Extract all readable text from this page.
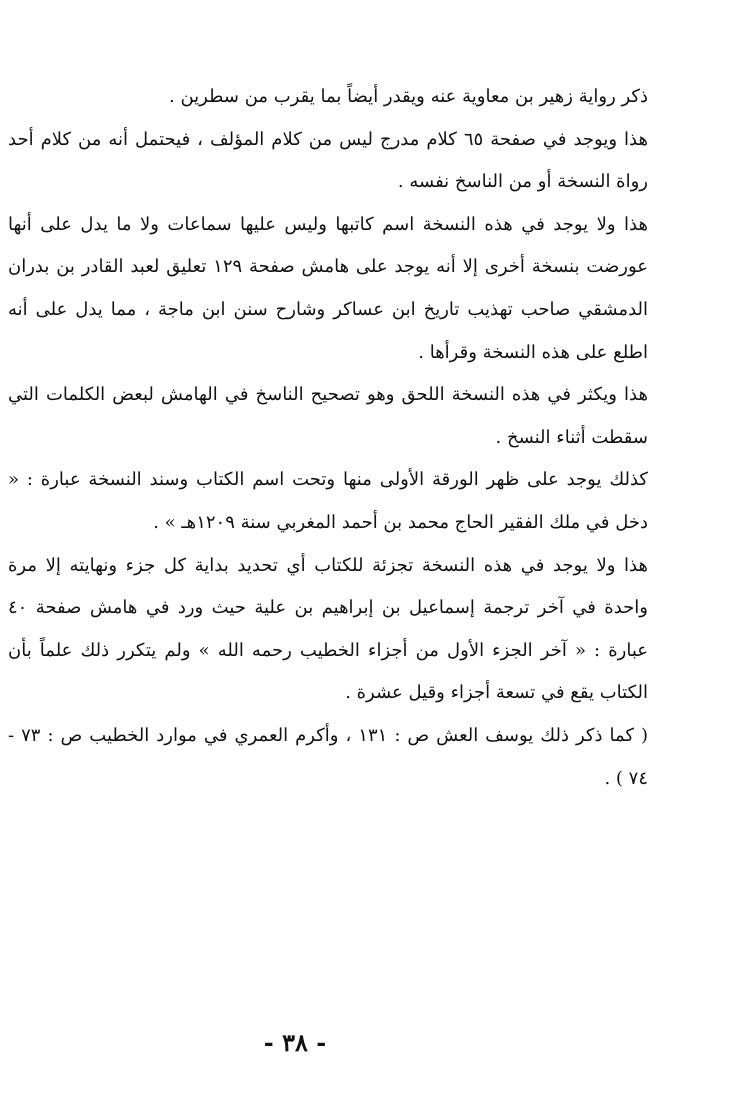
ذكر رواية زهير بن معاوية عنه ويقدر أيضاً بما يقرب من سطرين .

هذا ويوجد في صفحة ٦٥ كلام مدرج ليس من كلام المؤلف ، فيحتمل أنه من كلام أحد رواة النسخة أو من الناسخ نفسه .

هذا ولا يوجد في هذه النسخة اسم كاتبها وليس عليها سماعات ولا ما يدل على أنها عورضت بنسخة أخرى إلا أنه يوجد على هامش صفحة ١٢٩ تعليق لعبد القادر بن بدران الدمشقي صاحب تهذيب تاريخ ابن عساكر وشارح سنن ابن ماجة ، مما يدل على أنه اطلع على هذه النسخة وقرأها .

هذا ويكثر في هذه النسخة اللحق وهو تصحيح الناسخ في الهامش لبعض الكلمات التي سقطت أثناء النسخ .

كذلك يوجد على ظهر الورقة الأولى منها وتحت اسم الكتاب وسند النسخة عبارة : « دخل في ملك الفقير الحاج محمد بن أحمد المغربي سنة ١٢٠٩هـ » .

هذا ولا يوجد في هذه النسخة تجزئة للكتاب أي تحديد بداية كل جزء ونهايته إلا مرة واحدة في آخر ترجمة إسماعيل بن إبراهيم بن علية حيث ورد في هامش صفحة ٤٠ عبارة : « آخر الجزء الأول من أجزاء الخطيب رحمه الله » ولم يتكرر ذلك علماً بأن الكتاب يقع في تسعة أجزاء وقيل عشرة .

( كما ذكر ذلك يوسف العش ص : ١٣١ ، وأكرم العمري في موارد الخطيب ص : ٧٣ - ٧٤ ) .

- ٣٨ -
